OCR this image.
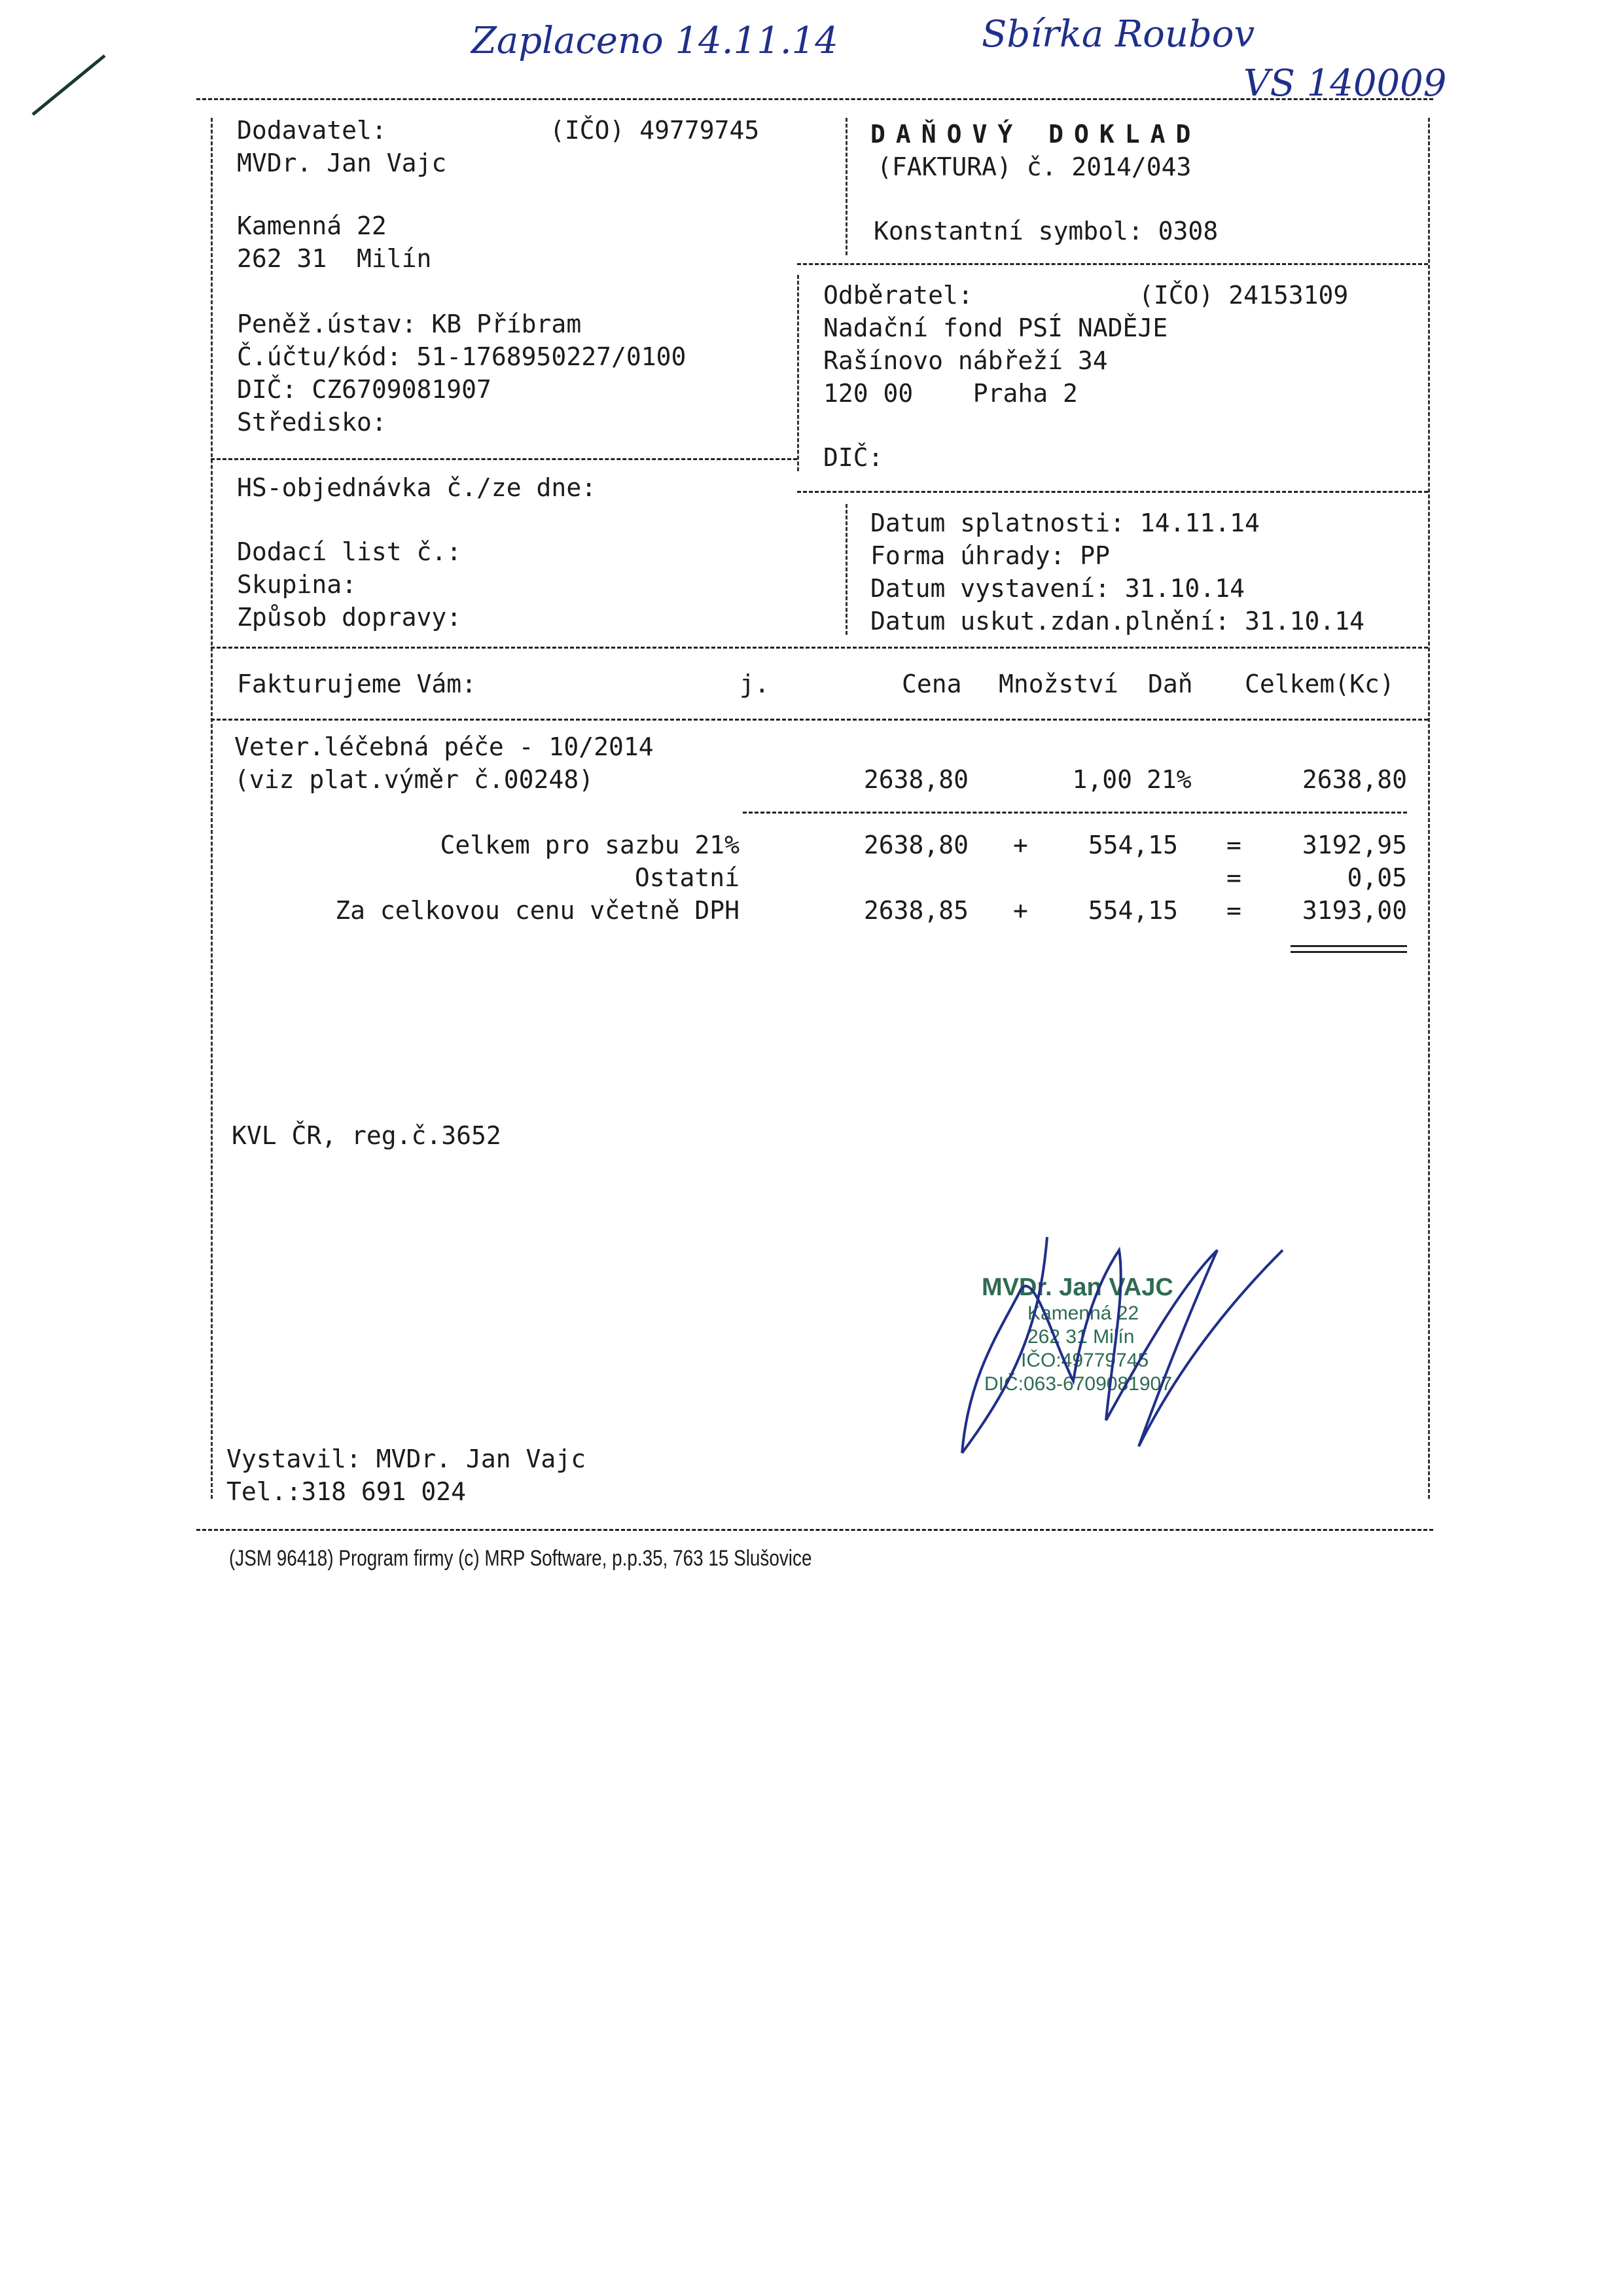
Zaplaceno 14.11.14	Sbírka Roubov
VS 140009
Dodavatel:	(IČO) 49779745
MVDr. Jan Vajc
Kamenná 22
262 31  Milín
Peněž.ústav: KB Příbram
Č.účtu/kód: 51-1768950227/0100
DIČ: CZ6709081907
Středisko:
DAŇOVÝ DOKLAD
(FAKTURA) č. 2014/043
Konstantní symbol: 0308
Odběratel:	(IČO) 24153109
Nadační fond PSÍ NADĚJE
Rašínovo nábřeží 34
120 00    Praha 2
DIČ:
HS-objednávka č./ze dne:
Dodací list č.:
Skupina:
Způsob dopravy:
Datum splatnosti: 14.11.14
Forma úhrady: PP
Datum vystavení: 31.10.14
Datum uskut.zdan.plnění: 31.10.14
Fakturujeme Vám:	j.	Cena Množství Daň Celkem(Kc)
Veter.léčebná péče - 10/2014
(viz plat.výměr č.00248)	2638,80	1,00 21%	2638,80
Celkem pro sazbu 21%	2638,80 +	554,15 =	3192,95
Ostatní	=	0,05
Za celkovou cenu včetně DPH	2638,85 +	554,15 =	3193,00
KVL ČR, reg.č.3652
MVDr. Jan VAJC
Kamenná 22
262 31 Milín
IČO:49779745
DIČ:063-6709081907
Vystavil: MVDr. Jan Vajc
Tel.:318 691 024
(JSM 96418) Program firmy (c) MRP Software, p.p.35, 763 15 Slušovice
